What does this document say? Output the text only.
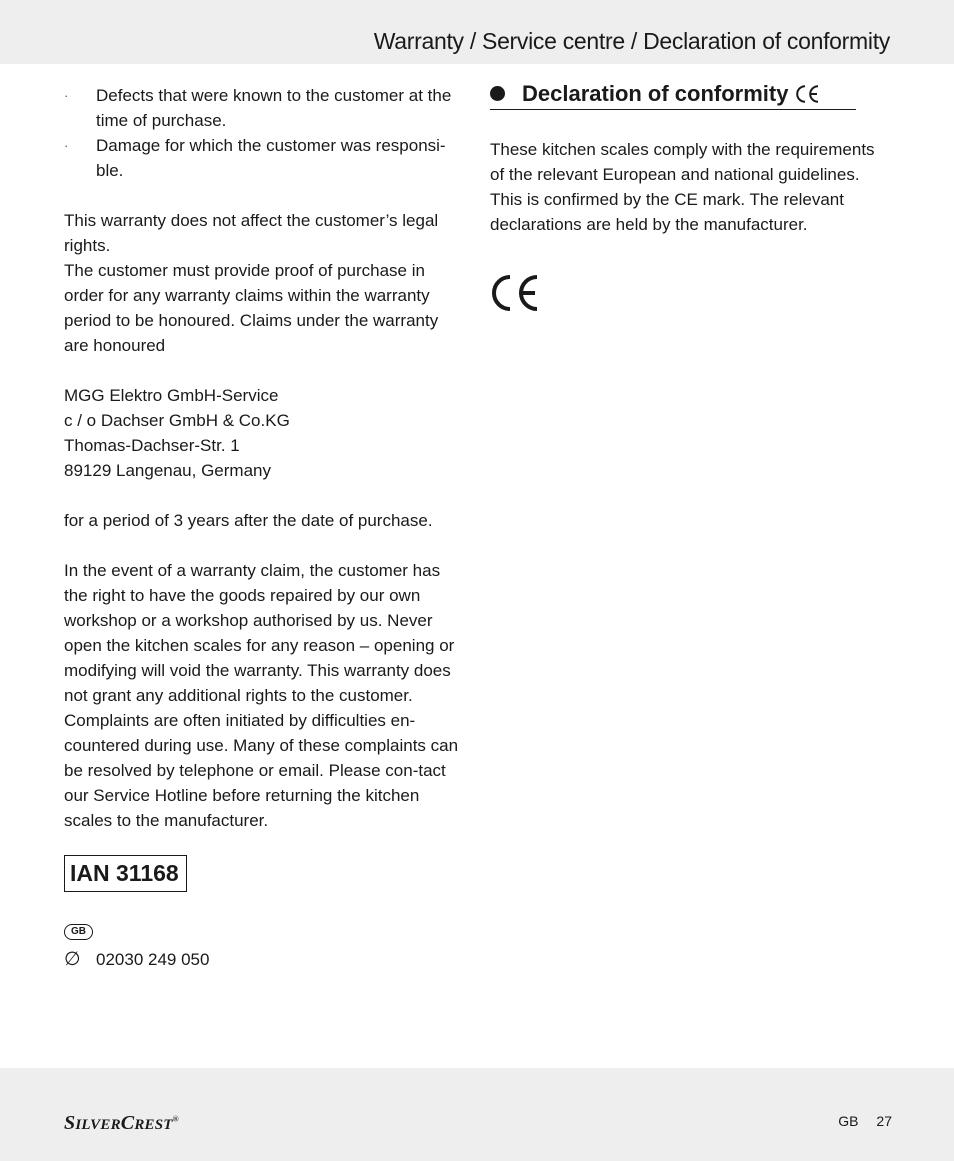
Warranty / Service centre / Declaration of conformity
· Defects that were known to the customer at the time of purchase.
· Damage for which the customer was responsi-ble.

This warranty does not affect the customer’s legal rights.

The customer must provide proof of purchase in order for any warranty claims within the warranty period to be honoured. Claims under the warranty are honoured

MGG Elektro GmbH-Service

c / o Dachser GmbH & Co.KG

Thomas-Dachser-Str. 1

89129 Langenau, Germany

for a period of 3 years after the date of purchase.

In the event of a warranty claim, the customer has the right to have the goods repaired by our own workshop or a workshop authorised by us. Never open the kitchen scales for any reason – opening or modifying will void the warranty. This warranty does not grant any additional rights to the customer. Complaints are often initiated by difficulties en-countered during use. Many of these complaints can be resolved by telephone or email. Please con-tact our Service Hotline before returning the kitchen scales to the manufacturer.

IAN 31168
GB
∅ 02030 249 050
Declaration of conformity

These kitchen scales comply with the requirements of the relevant European and national guidelines. This is confirmed by the CE mark. The relevant declarations are held by the manufacturer.

SILVERCREST®	GB 27
